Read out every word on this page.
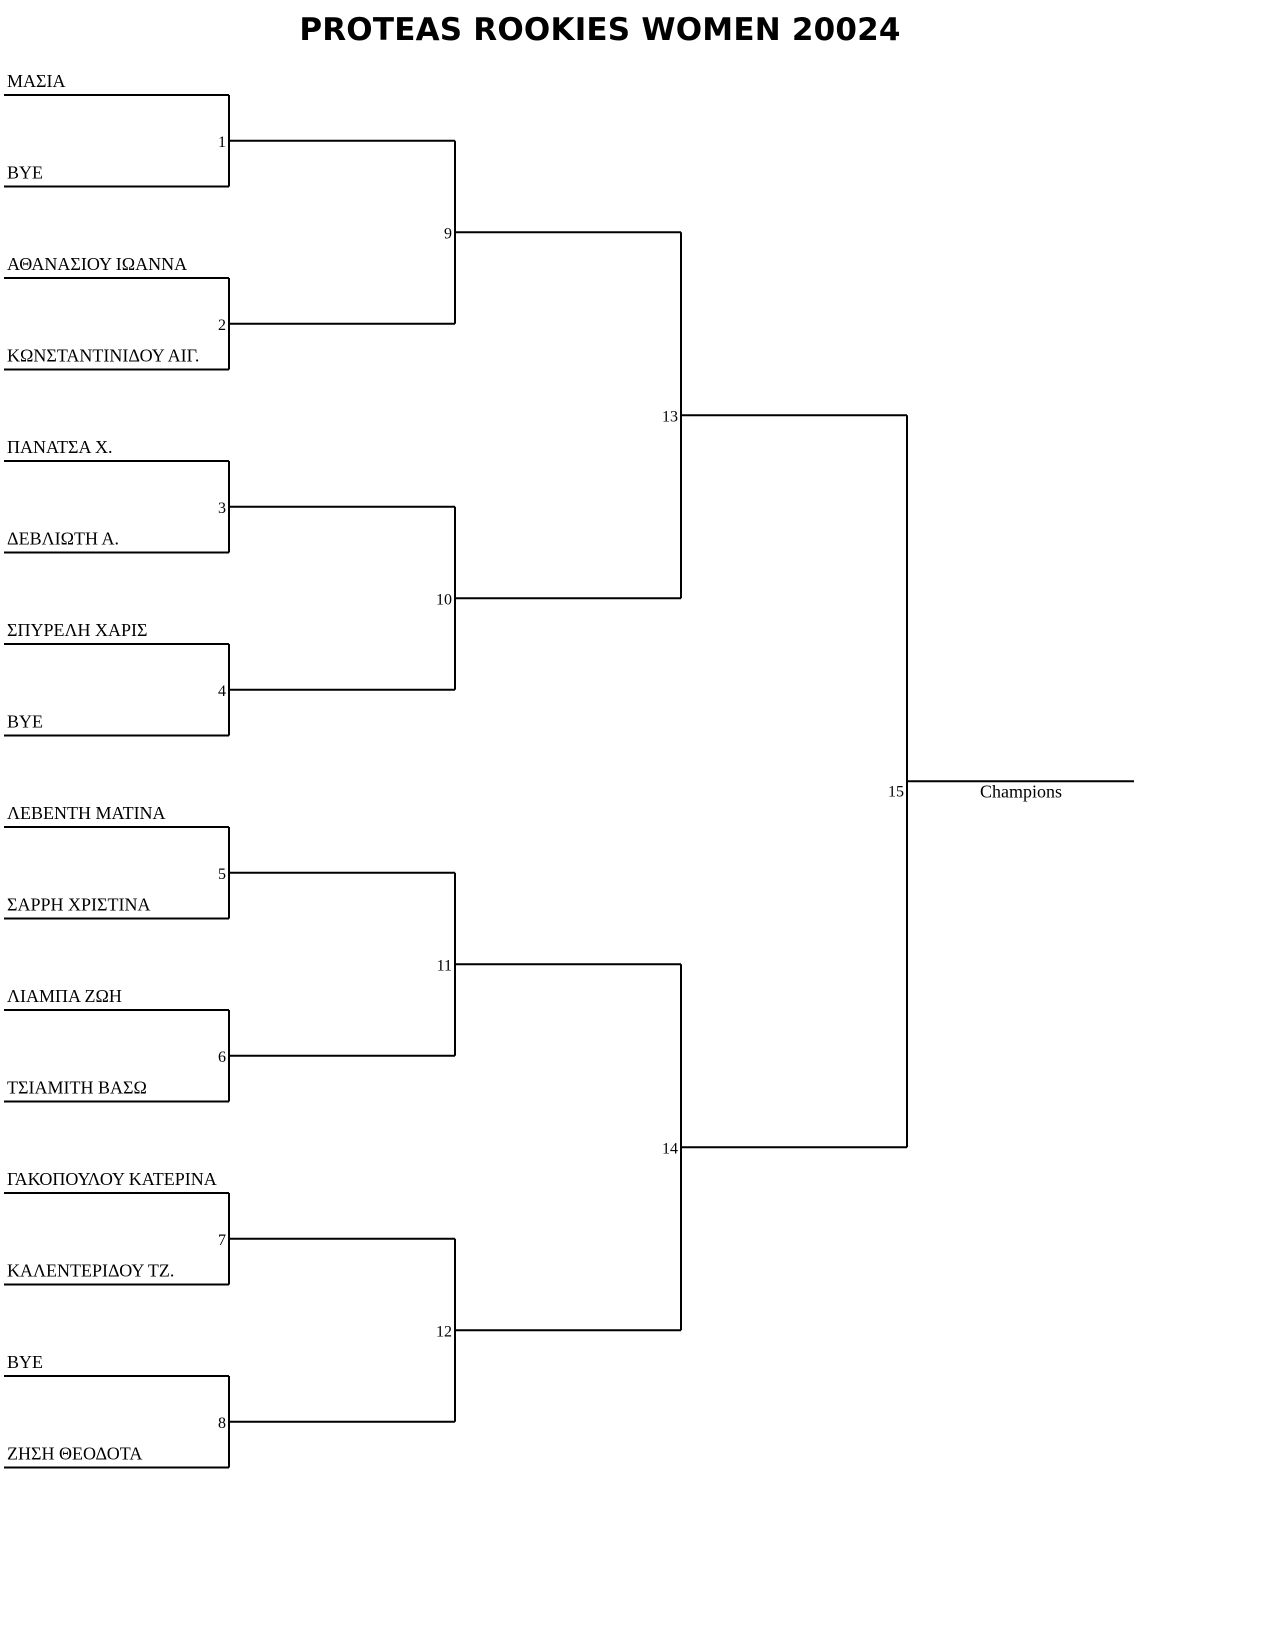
PROTEAS ROOKIES WOMEN 20024
ΜΑΣΙΑ
BYE
1
ΑΘΑΝΑΣΙΟΥ ΙΩΑΝΝΑ
ΚΩΝΣΤΑΝΤΙΝΙΔΟΥ ΑΙΓ.
2
ΠΑΝΑΤΣΑ Χ.
ΔΕΒΛΙΩΤΗ Α.
3
ΣΠΥΡΕΛΗ ΧΑΡΙΣ
BYE
4
ΛΕΒΕΝΤΗ ΜΑΤΙΝΑ
ΣΑΡΡΗ ΧΡΙΣΤΙΝΑ
5
ΛΙΑΜΠΑ ΖΩΗ
ΤΣΙΑΜΙΤΗ ΒΑΣΩ
6
ΓΑΚΟΠΟΥΛΟΥ ΚΑΤΕΡΙΝΑ
ΚΑΛΕΝΤΕΡΙΔΟΥ ΤΖ.
7
BYE
ΖΗΣΗ ΘΕΟΔΟΤΑ
8
9
10
11
12
13
14
15	Champions
